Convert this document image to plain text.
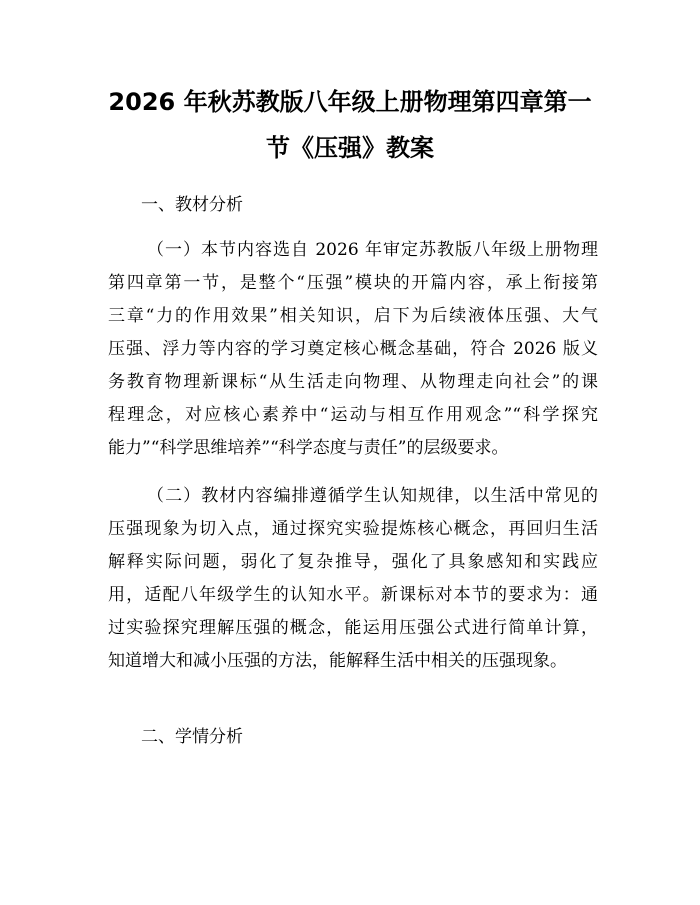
2026 年秋苏教版八年级上册物理第四章第一
节《压强》教案
一、教材分析
（一）本节内容选自 2026 年审定苏教版八年级上册物理
第四章第一节，是整个“压强”模块的开篇内容，承上衔接第
三章“力的作用效果”相关知识，启下为后续液体压强、大气
压强、浮力等内容的学习奠定核心概念基础，符合 2026 版义
务教育物理新课标“从生活走向物理、从物理走向社会”的课
程理念，对应核心素养中“运动与相互作用观念”“科学探究
能力”“科学思维培养”“科学态度与责任”的层级要求。
（二）教材内容编排遵循学生认知规律，以生活中常见的
压强现象为切入点，通过探究实验提炼核心概念，再回归生活
解释实际问题，弱化了复杂推导，强化了具象感知和实践应
用，适配八年级学生的认知水平。新课标对本节的要求为：通
过实验探究理解压强的概念，能运用压强公式进行简单计算，
知道增大和减小压强的方法，能解释生活中相关的压强现象。
二、学情分析
